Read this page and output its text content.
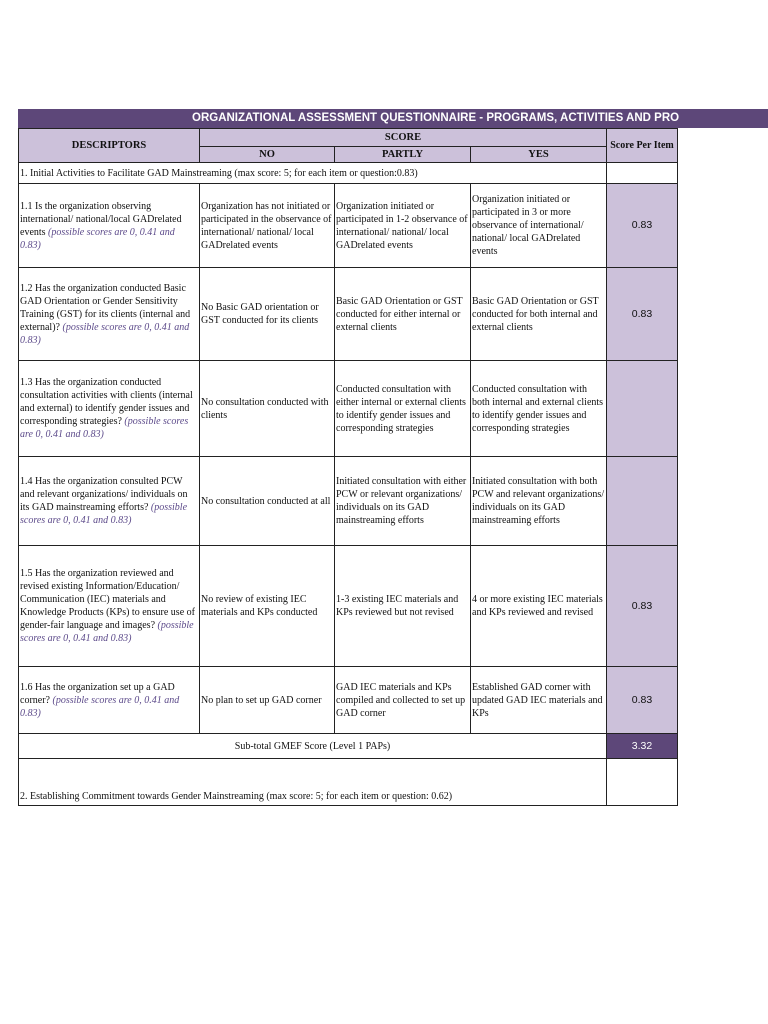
ORGANIZATIONAL ASSESSMENT QUESTIONNAIRE - PROGRAMS, ACTIVITIES AND PRO
DESCRIPTORS	SCORE			Score Per Item
	NO	PARTLY	YES	
1. Initial Activities to Facilitate GAD Mainstreaming (max score: 5; for each item or question:0.83)				
1.1 Is the organization observing international/ national/local GADrelated events (possible scores are 0, 0.41 and 0.83)	Organization has not initiated or participated in the observance of international/ national/ local GADrelated events	Organization initiated or participated in 1-2 observance of international/ national/ local GADrelated events	Organization initiated or participated in 3 or more observance of international/ national/ local GADrelated events	0.83
1.2 Has the organization conducted Basic GAD Orientation or Gender Sensitivity Training (GST) for its clients (internal and external)? (possible scores are 0, 0.41 and 0.83)	No Basic GAD orientation or GST conducted for its clients	Basic GAD Orientation or GST conducted for either internal or external clients	Basic GAD Orientation or GST conducted for both internal and external clients	0.83
1.3 Has the organization conducted consultation activities with clients (internal and external) to identify gender issues and corresponding strategies? (possible scores are 0, 0.41 and 0.83)	No consultation conducted with clients	Conducted consultation with either internal or external clients to identify gender issues and corresponding strategies	Conducted consultation with both internal and external clients to identify gender issues and corresponding strategies	
1.4 Has the organization consulted PCW and relevant organizations/ individuals on its GAD mainstreaming efforts? (possible scores are 0, 0.41 and 0.83)	No consultation conducted at all	Initiated consultation with either PCW or relevant organizations/ individuals on its GAD mainstreaming efforts	Initiated consultation with both PCW and relevant organizations/ individuals on its GAD mainstreaming efforts	
1.5 Has the organization reviewed and revised existing Information/Education/ Communication (IEC) materials and Knowledge Products (KPs) to ensure use of gender-fair language and images? (possible scores are 0, 0.41 and 0.83)	No review of existing IEC materials and KPs conducted	1-3 existing IEC materials and KPs reviewed but not revised	4 or more existing IEC materials and KPs reviewed and revised	0.83
1.6 Has the organization set up a GAD corner? (possible scores are 0, 0.41 and 0.83)	No plan to set up GAD corner	GAD IEC materials and KPs compiled and collected to set up GAD corner	Established GAD corner with updated GAD IEC materials and KPs	0.83
Sub-total GMEF Score (Level 1 PAPs)				3.32
2. Establishing Commitment towards Gender Mainstreaming (max score: 5; for each item or question: 0.62)				
